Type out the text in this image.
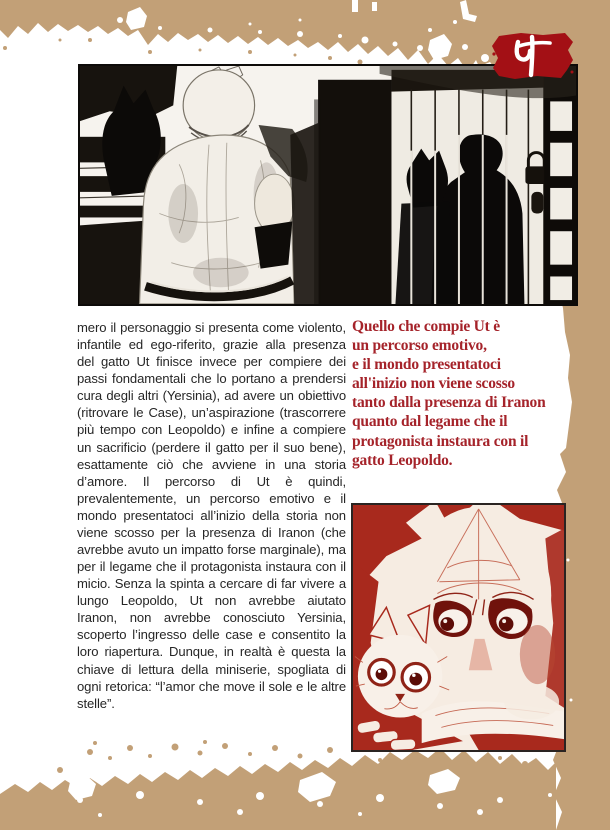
mero il personaggio si presenta come violento, infantile ed ego-riferito, grazie alla presenza del gatto Ut finisce invece per compiere dei passi fondamentali che lo portano a prendersi cura degli altri (Yersinia), ad avere un obiettivo (ritrovare le Case), un’aspirazione (trascorrere più tempo con Leopoldo) e infine a compiere un sacrificio (perdere il gatto per il suo bene), esattamente ciò che avviene in una storia d’amore. Il percorso di Ut è quindi, prevalentemente, un percorso emotivo e il mondo presentatoci all’inizio della storia non viene scosso per la presenza di Iranon (che avrebbe avuto un impatto forse marginale), ma per il legame che il protagonista instaura con il micio. Senza la spinta a cercare di far vivere a lungo Leopoldo, Ut non avrebbe aiutato Iranon, non avrebbe conosciuto Yersinia, scoperto l’ingresso delle case e consentito la loro riapertura. Dunque, in realtà è questa la chiave di lettura della miniserie, spogliata di ogni retorica: “l’amor che move il sole e le altre stelle”.
Quello che compie Ut è
un percorso emotivo,
e il mondo presentatoci
all'inizio non viene scosso
tanto dalla presenza di Iranon
quanto dal legame che il
protagonista instaura con il
gatto Leopoldo.
